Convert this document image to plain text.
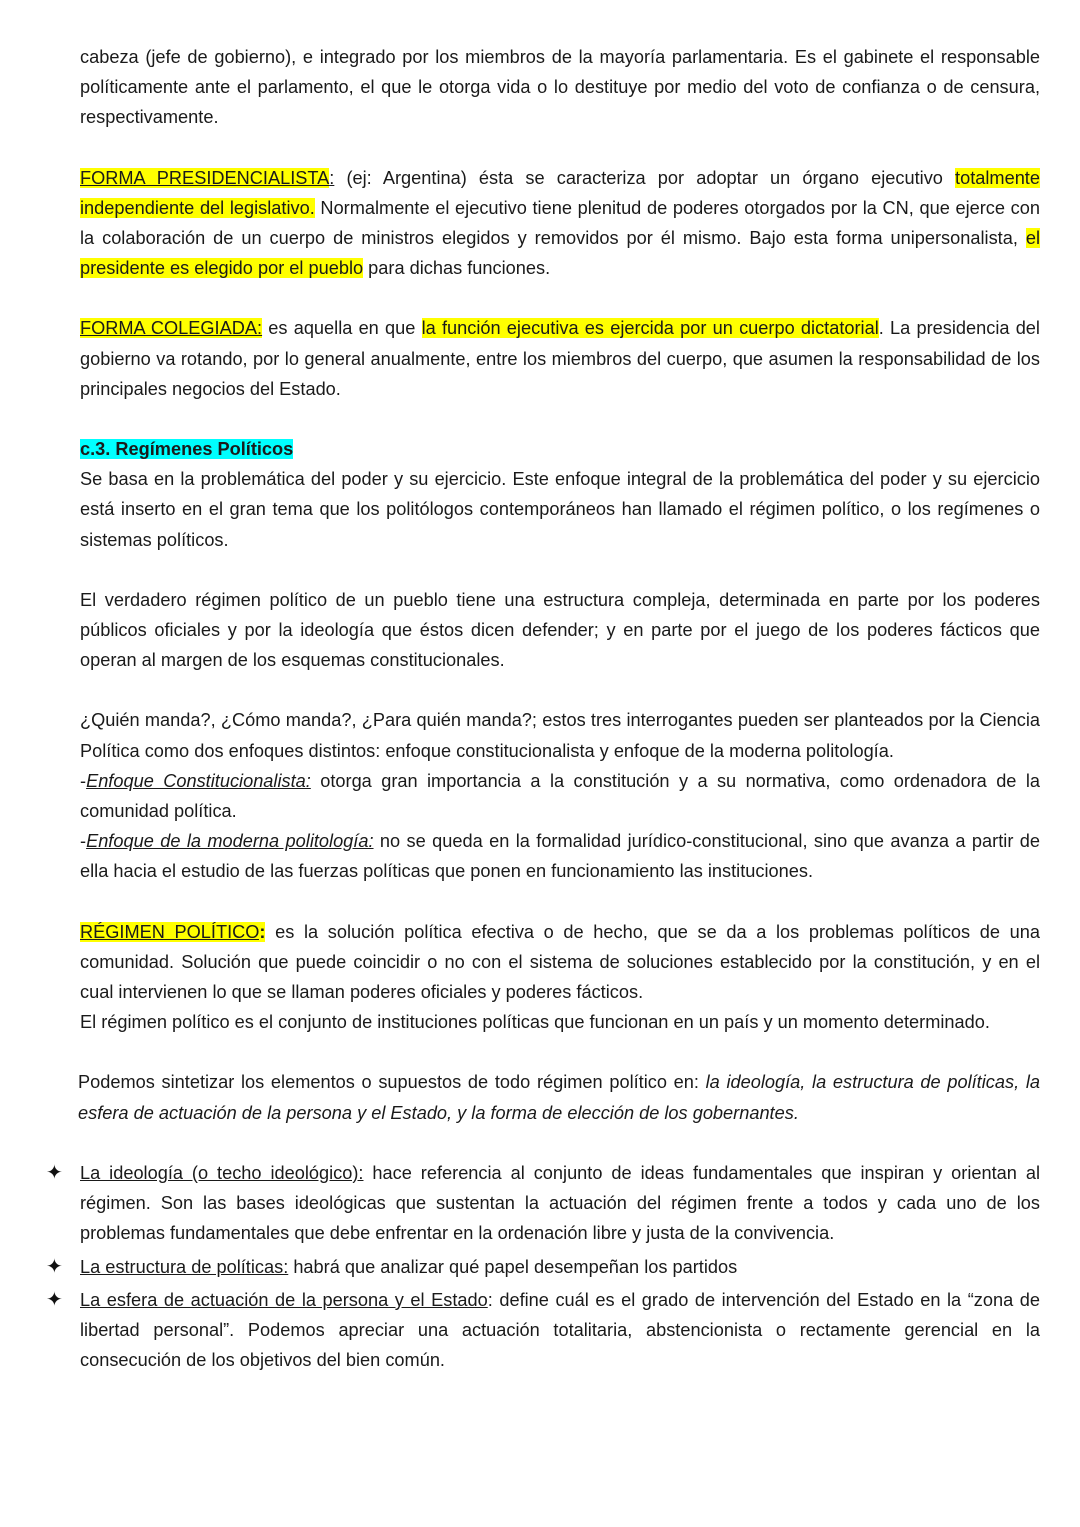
cabeza (jefe de gobierno), e integrado por los miembros de la mayoría parlamentaria. Es el gabinete el responsable políticamente ante el parlamento, el que le otorga vida o lo destituye por medio del voto de confianza o de censura, respectivamente.

FORMA PRESIDENCIALISTA: (ej: Argentina) ésta se caracteriza por adoptar un órgano ejecutivo totalmente independiente del legislativo. Normalmente el ejecutivo tiene plenitud de poderes otorgados por la CN, que ejerce con la colaboración de un cuerpo de ministros elegidos y removidos por él mismo. Bajo esta forma unipersonalista, el presidente es elegido por el pueblo para dichas funciones.

FORMA COLEGIADA: es aquella en que la función ejecutiva es ejercida por un cuerpo dictatorial. La presidencia del gobierno va rotando, por lo general anualmente, entre los miembros del cuerpo, que asumen la responsabilidad de los principales negocios del Estado.

c.3. Regímenes Políticos

Se basa en la problemática del poder y su ejercicio. Este enfoque integral de la problemática del poder y su ejercicio está inserto en el gran tema que los politólogos contemporáneos han llamado el régimen político, o los regímenes o sistemas políticos.

El verdadero régimen político de un pueblo tiene una estructura compleja, determinada en parte por los poderes públicos oficiales y por la ideología que éstos dicen defender; y en parte por el juego de los poderes fácticos que operan al margen de los esquemas constitucionales.

¿Quién manda?, ¿Cómo manda?, ¿Para quién manda?; estos tres interrogantes pueden ser planteados por la Ciencia Política como dos enfoques distintos: enfoque constitucionalista y enfoque de la moderna politología.

-Enfoque Constitucionalista: otorga gran importancia a la constitución y a su normativa, como ordenadora de la comunidad política.

-Enfoque de la moderna politología: no se queda en la formalidad jurídico-constitucional, sino que avanza a partir de ella hacia el estudio de las fuerzas políticas que ponen en funcionamiento las instituciones.

RÉGIMEN POLÍTICO: es la solución política efectiva o de hecho, que se da a los problemas políticos de una comunidad. Solución que puede coincidir o no con el sistema de soluciones establecido por la constitución, y en el cual intervienen lo que se llaman poderes oficiales y poderes fácticos.

El régimen político es el conjunto de instituciones políticas que funcionan en un país y un momento determinado.

Podemos sintetizar los elementos o supuestos de todo régimen político en: la ideología, la estructura de políticas, la esfera de actuación de la persona y el Estado, y la forma de elección de los gobernantes.

✦ La ideología (o techo ideológico): hace referencia al conjunto de ideas fundamentales que inspiran y orientan al régimen. Son las bases ideológicas que sustentan la actuación del régimen frente a todos y cada uno de los problemas fundamentales que debe enfrentar en la ordenación libre y justa de la convivencia.
✦ La estructura de políticas: habrá que analizar qué papel desempeñan los partidos
✦ La esfera de actuación de la persona y el Estado: define cuál es el grado de intervención del Estado en la “zona de libertad personal”. Podemos apreciar una actuación totalitaria, abstencionista o rectamente gerencial en la consecución de los objetivos del bien común.
